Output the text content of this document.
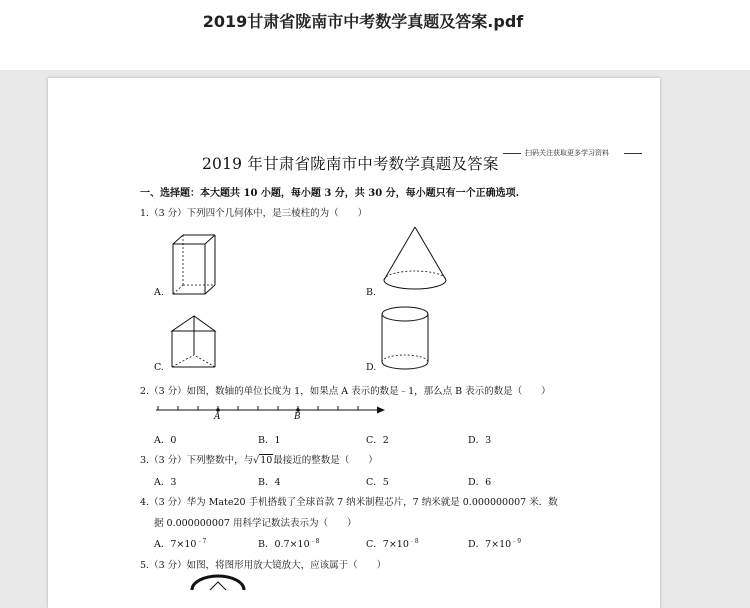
2019甘肃省陇南市中考数学真题及答案.pdf
扫码关注获取更多学习资料
2019 年甘肃省陇南市中考数学真题及答案
一、选择题：本大题共 10 小题，每小题 3 分，共 30 分，每小题只有一个正确选项.
1.（3 分）下列四个几何体中，是三棱柱的为（　　）
A.	B.
C.	D.
2.（3 分）如图，数轴的单位长度为 1，如果点 A 表示的数是﹣1，那么点 B 表示的数是（　　）
A	B
A．0	B．1	C．2	D．3
3.（3 分）下列整数中，与√10最接近的整数是（　　）
A．3	B．4	C．5	D．6
4.（3 分）华为 Mate20 手机搭载了全球首款 7 纳米制程芯片，7 纳米就是 0.000000007 米．数
据 0.000000007 用科学记数法表示为（　　）
A．$7\times 10^{﹣7}$	B．$0.7\times 10^{﹣8}$	C．$7\times 10^{﹣8}$	D．$7\times 10^{﹣9}$
5.（3 分）如图，将图形用放大镜放大，应该属于（　　）
